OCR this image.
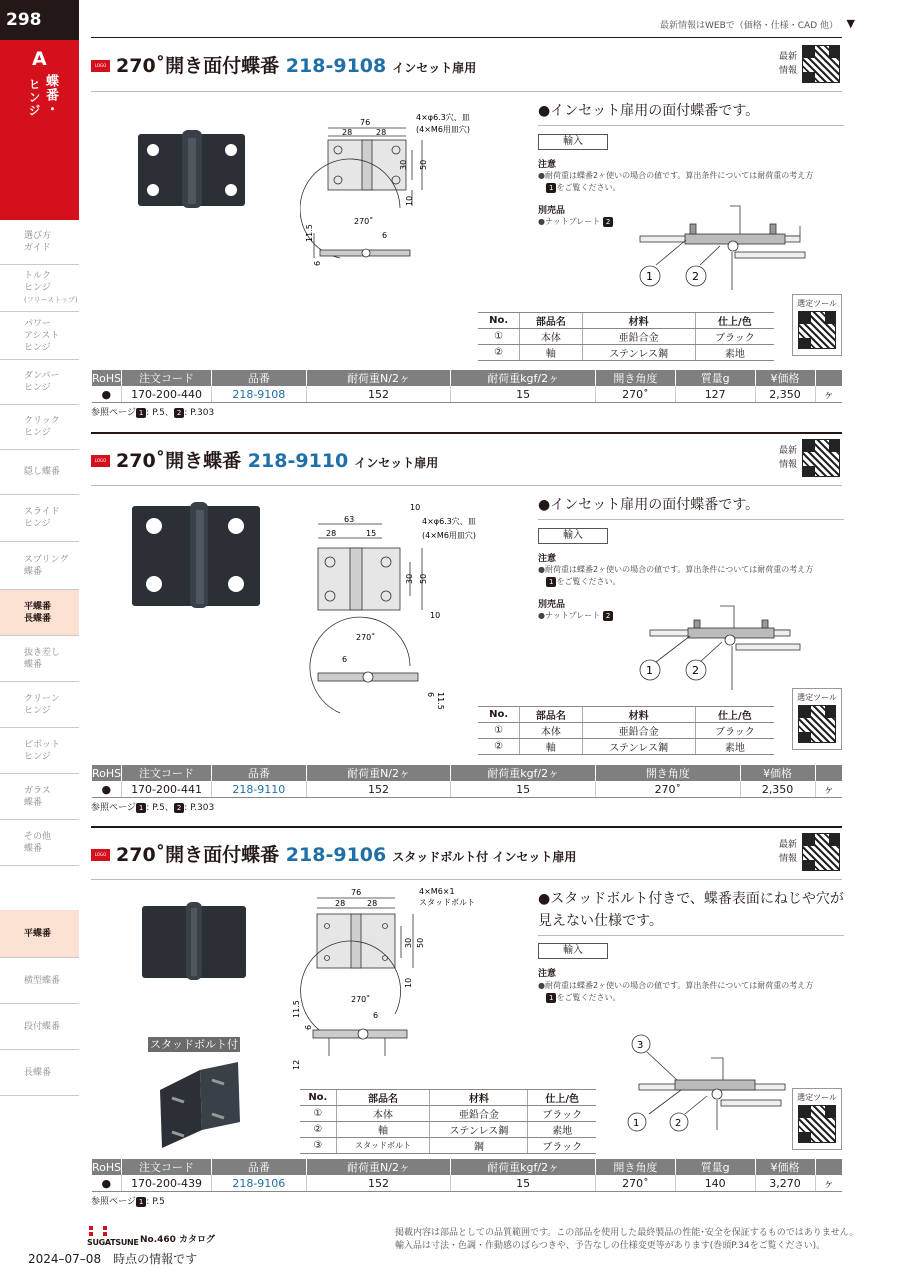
298
A
蝶番・
ヒンジ
選び方
ガイド
トルク
ヒンジ
(フリーストップ)
パワー
アシスト
ヒンジ
ダンパー
ヒンジ
クリック
ヒンジ
隠し蝶番
スライド
ヒンジ
スプリング
蝶番
平蝶番
長蝶番
抜き差し
蝶番
クリーン
ヒンジ
ピボット
ヒンジ
ガラス
蝶番
その他
蝶番
平蝶番
横型蝶番
段付蝶番
長蝶番
最新情報はWEBで（価格・仕様・CAD 他） ▼
LOGO 270˚開き面付蝶番 218-9108 インセット扉用
最新
情報
76
28	28
4×φ6.3穴、皿
(4×M6用皿穴)
30 50
10
270˚
6
11.5
6
●インセット扉用の面付蝶番です。
輸入
注意
●耐荷重は蝶番2ヶ使いの場合の値です。算出条件については耐荷重の考え方
　1 をご覧ください。
別売品
●ナットプレート 2
1	2
No.	部品名	材料	仕上/色
①	本体	亜鉛合金	ブラック
②	軸	ステンレス鋼	素地
選定ツール
RoHS	注文コード	品番	耐荷重N/2ヶ	耐荷重kgf/2ヶ	開き角度	質量g	¥価格	
●	170-200-440	218-9108	152	15	270˚	127	2,350	ヶ
参照ページ 1 : P.5、 2 : P.303
LOGO 270˚開き蝶番 218-9110 インセット扉用
最新
情報
10
63
28	15
4×φ6.3穴、皿
(4×M6用皿穴)
30 50
10
270˚
6
6 11.5
●インセット扉用の面付蝶番です。
輸入
注意
●耐荷重は蝶番2ヶ使いの場合の値です。算出条件については耐荷重の考え方
　1 をご覧ください。
別売品
●ナットプレート 2
1	2
No.	部品名	材料	仕上/色
①	本体	亜鉛合金	ブラック
②	軸	ステンレス鋼	素地
選定ツール
RoHS	注文コード	品番	耐荷重N/2ヶ	耐荷重kgf/2ヶ	開き角度	¥価格	
●	170-200-441	218-9110	152	15	270˚	2,350	ヶ
参照ページ 1 : P.5、 2 : P.303
LOGO 270˚開き面付蝶番 218-9106 スタッドボルト付 インセット扉用
最新
情報
スタッドボルト付
76
28	28
4×M6×1
スタッドボルト
30 50
10
270˚
6
11.5
6
12
●スタッドボルト付きで、蝶番表面にねじや穴が見えない仕様です。
輸入
注意
●耐荷重は蝶番2ヶ使いの場合の値です。算出条件については耐荷重の考え方
　1 をご覧ください。
3
1	2
No.	部品名	材料	仕上/色
①	本体	亜鉛合金	ブラック
②	軸	ステンレス鋼	素地
③	スタッドボルト	鋼	ブラック
選定ツール
RoHS	注文コード	品番	耐荷重N/2ヶ	耐荷重kgf/2ヶ	開き角度	質量g	¥価格	
●	170-200-439	218-9106	152	15	270˚	140	3,270	ヶ
参照ページ 1 : P.5
SUGATSUNE No.460 カタログ
2024–07–08　時点の情報です
掲載内容は部品としての品質範囲です。この部品を使用した最終製品の性能･安全を保証するものではありません。輸入品は寸法・色調・作動感のばらつきや、予告なしの仕様変更等があります(巻頭P.34をご覧ください)。
